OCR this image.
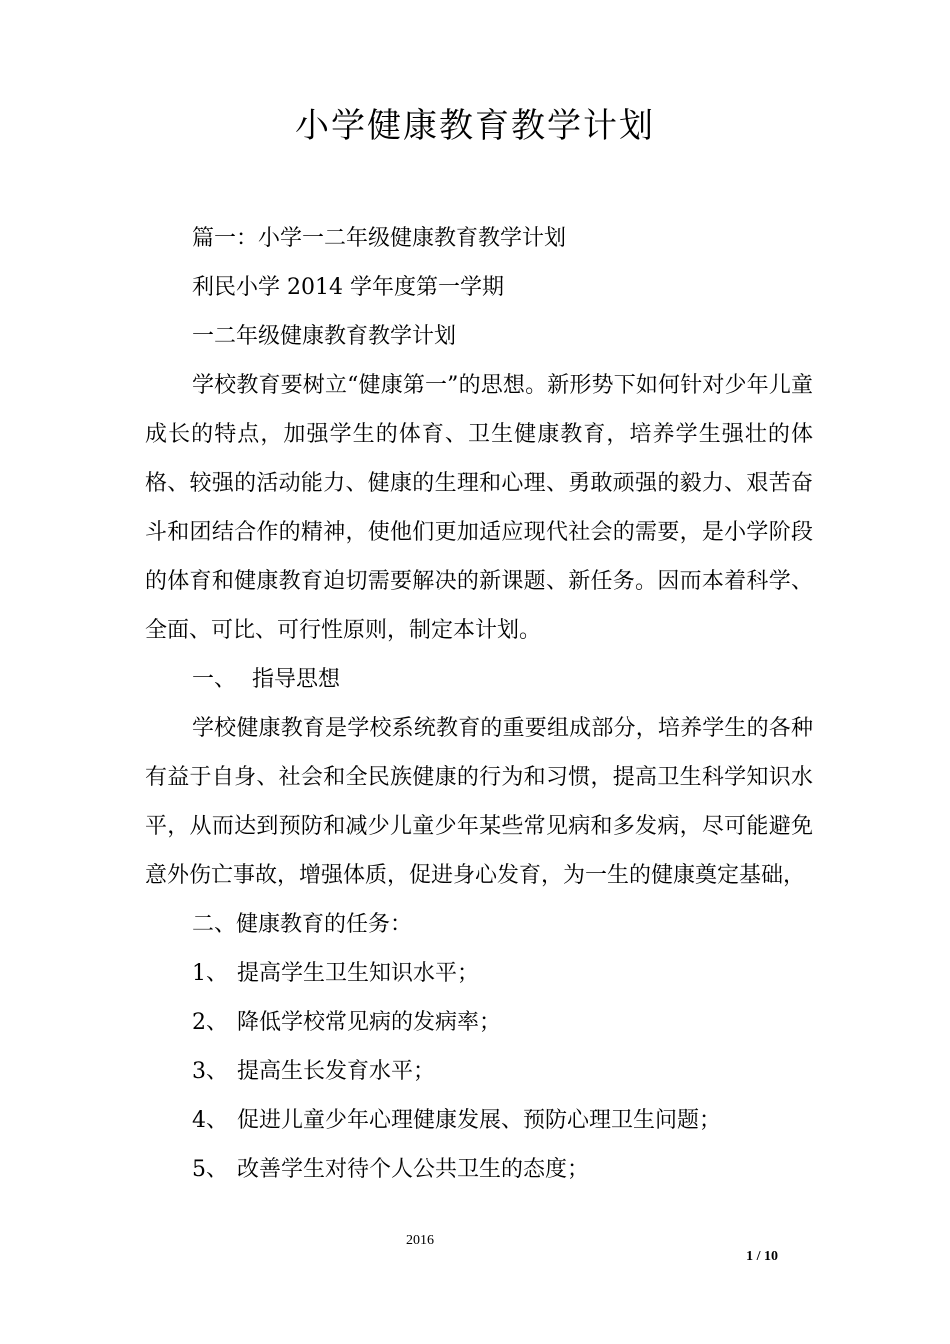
小学健康教育教学计划

篇一：小学一二年级健康教育教学计划

利民小学 2014 学年度第一学期

一二年级健康教育教学计划

学校教育要树立“健康第一”的思想。新形势下如何针对少年儿童成长的特点，加强学生的体育、卫生健康教育，培养学生强壮的体格、较强的活动能力、健康的生理和心理、勇敢顽强的毅力、艰苦奋斗和团结合作的精神，使他们更加适应现代社会的需要，是小学阶段的体育和健康教育迫切需要解决的新课题、新任务。因而本着科学、全面、可比、可行性原则，制定本计划。

一、 指导思想

学校健康教育是学校系统教育的重要组成部分，培养学生的各种有益于自身、社会和全民族健康的行为和习惯，提高卫生科学知识水平，从而达到预防和减少儿童少年某些常见病和多发病，尽可能避免意外伤亡事故，增强体质，促进身心发育，为一生的健康奠定基础，

二、健康教育的任务：

1、 提高学生卫生知识水平；

2、 降低学校常见病的发病率；

3、 提高生长发育水平；

4、 促进儿童少年心理健康发展、预防心理卫生问题；

5、 改善学生对待个人公共卫生的态度；

2016
1 / 10
